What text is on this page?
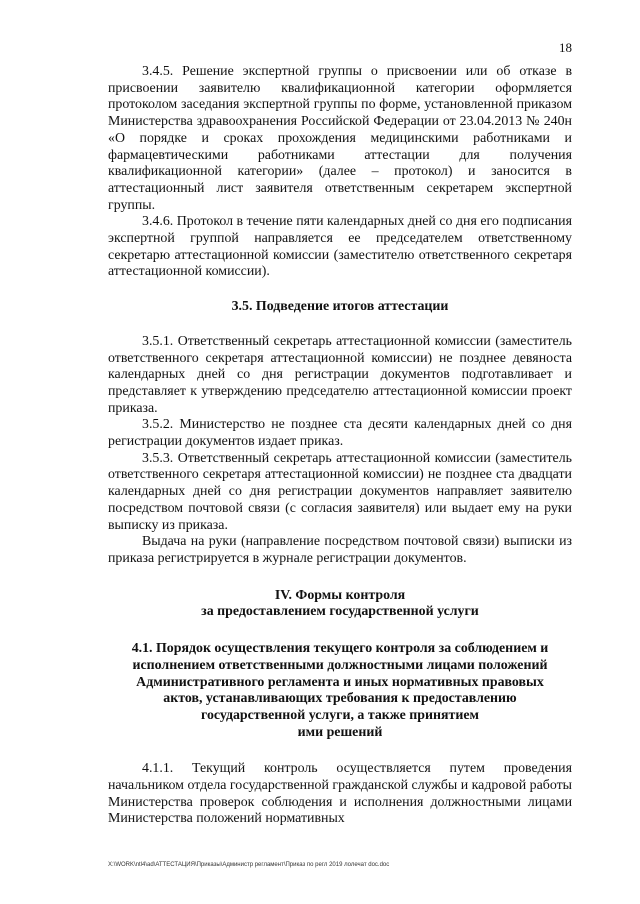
18

3.4.5. Решение экспертной группы о присвоении или об отказе в присвоении заявителю квалификационной категории оформляется протоколом заседания экспертной группы по форме, установленной приказом Министерства здравоохранения Российской Федерации от 23.04.2013 № 240н «О порядке и сроках прохождения медицинскими работниками и фармацевтическими работниками аттестации для получения квалификационной категории» (далее – протокол) и заносится в аттестационный лист заявителя ответственным секретарем экспертной группы.

3.4.6. Протокол в течение пяти календарных дней со дня его подписания экспертной группой направляется ее председателем ответственному секретарю аттестационной комиссии (заместителю ответственного секретаря аттестационной комиссии).

3.5. Подведение итогов аттестации

3.5.1. Ответственный секретарь аттестационной комиссии (заместитель ответственного секретаря аттестационной комиссии) не позднее девяноста календарных дней со дня регистрации документов подготавливает и представляет к утверждению председателю аттестационной комиссии проект приказа.

3.5.2. Министерство не позднее ста десяти календарных дней со дня регистрации документов издает приказ.

3.5.3. Ответственный секретарь аттестационной комиссии (заместитель ответственного секретаря аттестационной комиссии) не позднее ста двадцати календарных дней со дня регистрации документов направляет заявителю посредством почтовой связи (с согласия заявителя) или выдает ему на руки выписку из приказа.

Выдача на руки (направление посредством почтовой связи) выписки из приказа регистрируется в журнале регистрации документов.

IV. Формы контроля
за предоставлением государственной услуги
4.1. Порядок осуществления текущего контроля за соблюдением и
исполнением ответственными должностными лицами положений
Административного регламента и иных нормативных правовых
актов, устанавливающих требования к предоставлению
государственной услуги, а также принятием
ими решений

4.1.1. Текущий контроль осуществляется путем проведения начальником отдела государственной гражданской службы и кадровой работы Министерства проверок соблюдения и исполнения должностными лицами Министерства положений нормативных

X:\WORK\ntl4\ad\АТТЕСТАЦИЯ\Приказы\Администр регламент\Приказ по регл 2019 лолечат doc.doc
